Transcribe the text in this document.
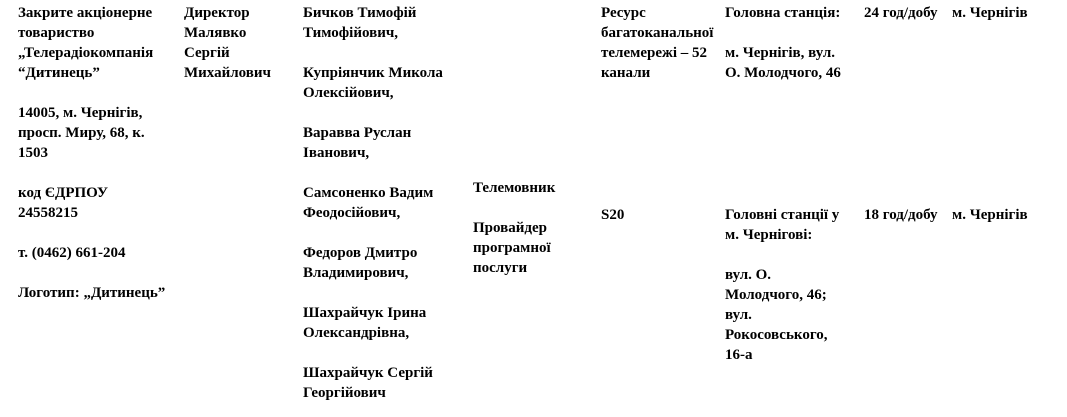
Закрите акціонерне
товариство
„Телерадіокомпанія
“Дитинець”
14005, м. Чернігів,
просп. Миру, 68, к.
1503
код ЄДРПОУ
24558215
т. (0462) 661-204
Логотип: „Дитинець”
Директор
Малявко
Сергій
Михайлович
Бичков Тимофій
Тимофійович,
Купріянчик Микола
Олексійович,
Варавва Руслан
Іванович,
Самсоненко Вадим
Феодосійович,
Федоров Дмитро
Владимирович,
Шахрайчук Ірина
Олександрівна,
Шахрайчук Сергій
Георгійович
Телемовник
Провайдер
програмної
послуги
Ресурс
багатоканальної
телемережі – 52
канали
Головна станція:
м. Чернігів, вул.
О. Молодчого, 46
24 год/добу м. Чернігів
S20	Головні станції у
м. Чернігові:
вул. О.
Молодчого, 46;
вул.
Рокосовського,
16-а
18 год/добу м. Чернігів
